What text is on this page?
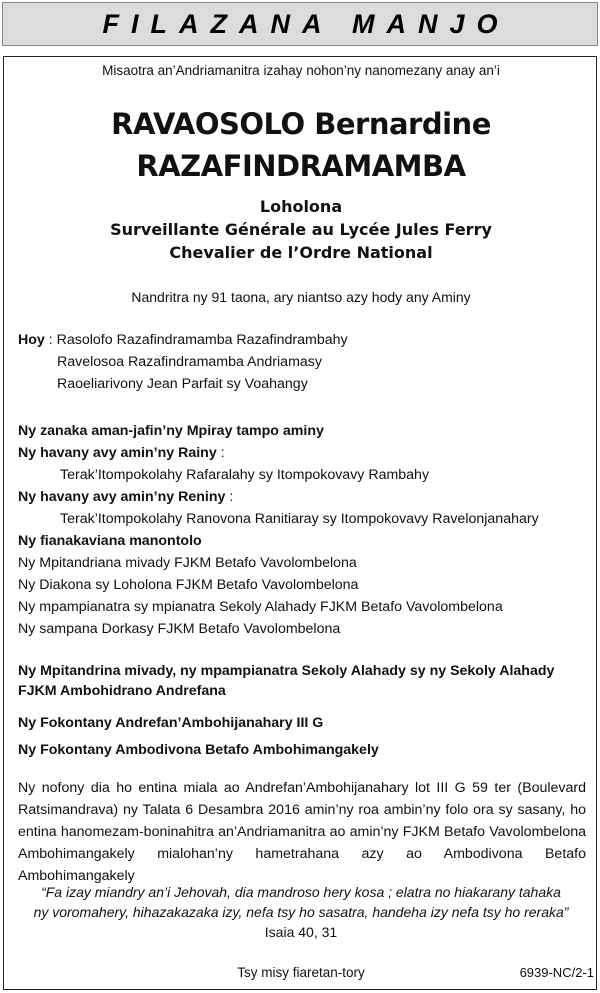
FILAZANA MANJO
Misaotra an’Andriamanitra izahay nohon’ny nanomezany anay an’i
RAVAOSOLO Bernardine
RAZAFINDRAMAMBA
Loholona
Surveillante Générale au Lycée Jules Ferry
Chevalier de l’Ordre National
Nandritra ny 91 taona, ary niantso azy hody any Aminy
Hoy : Rasolofo Razafindramamba Razafindrambahy
Ravelosoa Razafindramamba Andriamasy
Raoeliarivony Jean Parfait sy Voahangy
Ny zanaka aman-jafin’ny Mpiray tampo aminy
Ny havany avy amin’ny Rainy :
Terak’Itompokolahy Rafaralahy sy Itompokovavy Rambahy
Ny havany avy amin’ny Reniny :
Terak’Itompokolahy Ranovona Ranitiaray sy Itompokovavy Ravelonjanahary
Ny fianakaviana manontolo
Ny Mpitandriana mivady FJKM Betafo Vavolombelona
Ny Diakona sy Loholona FJKM Betafo Vavolombelona
Ny mpampianatra sy mpianatra Sekoly Alahady FJKM Betafo Vavolombelona
Ny sampana Dorkasy FJKM Betafo Vavolombelona
Ny Mpitandrina mivady, ny mpampianatra Sekoly Alahady sy ny Sekoly Alahady FJKM Ambohidrano Andrefana
Ny Fokontany Andrefan’Ambohijanahary III G
Ny Fokontany Ambodivona Betafo Ambohimangakely
Ny nofony dia ho entina miala ao Andrefan’Ambohijanahary lot III G 59 ter (Boulevard Ratsimandrava) ny Talata 6 Desambra 2016 amin’ny roa ambin’ny folo ora sy sasany, ho entina hanomezam-boninahitra an’Andriamanitra ao amin’ny FJKM Betafo Vavolombelona Ambohimangakely mialohan’ny hametrahana azy ao Ambodivona Betafo Ambohimangakely
“Fa izay miandry an’i Jehovah, dia mandroso hery kosa ; elatra no hiakarany tahaka
ny voromahery, hihazakazaka izy, nefa tsy ho sasatra, handeha izy nefa tsy ho reraka”
Isaia 40, 31
Tsy misy fiaretan-tory	6939-NC/2-1
